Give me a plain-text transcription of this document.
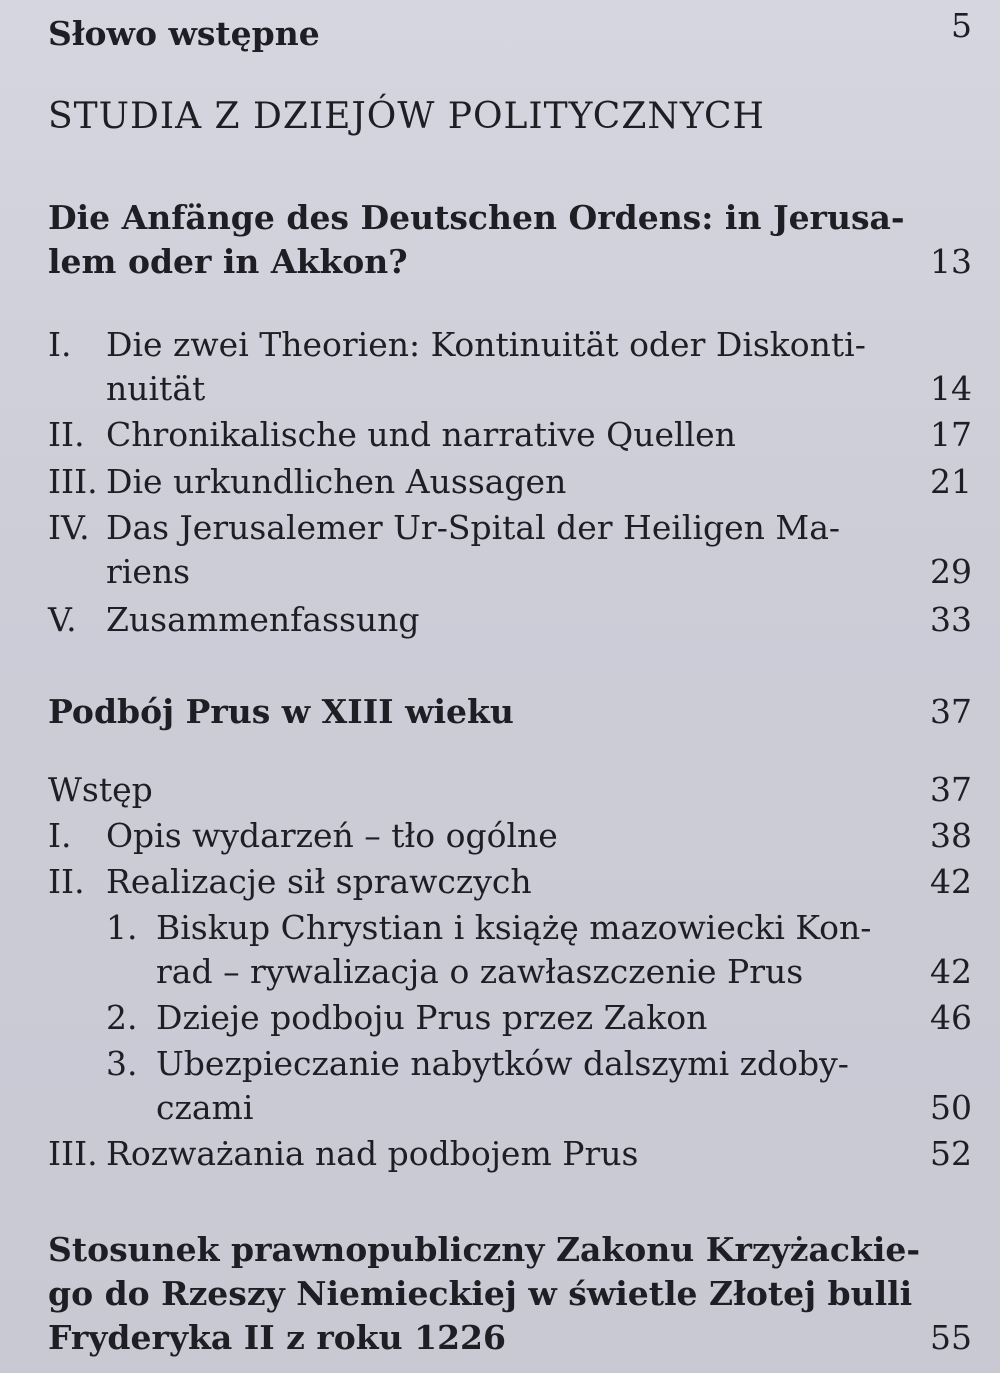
Słowo wstępne	5
STUDIA Z DZIEJÓW POLITYCZNYCH
Die Anfänge des Deutschen Ordens: in Jerusa-
lem oder in Akkon?	13
I. Die zwei Theorien: Kontinuität oder Diskonti-
nuität	14
II. Chronikalische und narrative Quellen	17
III. Die urkundlichen Aussagen	21
IV. Das Jerusalemer Ur-Spital der Heiligen Ma-
riens	29
V. Zusammenfassung	33
Podbój Prus w XIII wieku	37
Wstęp	37
I. Opis wydarzeń – tło ogólne	38
II. Realizacje sił sprawczych	42
1. Biskup Chrystian i książę mazowiecki Kon-
rad – rywalizacja o zawłaszczenie Prus	42
2. Dzieje podboju Prus przez Zakon	46
3. Ubezpieczanie nabytków dalszymi zdoby-
czami	50
III. Rozważania nad podbojem Prus	52
Stosunek prawnopubliczny Zakonu Krzyżackie-
go do Rzeszy Niemieckiej w świetle Złotej bulli
Fryderyka II z roku 1226	55
